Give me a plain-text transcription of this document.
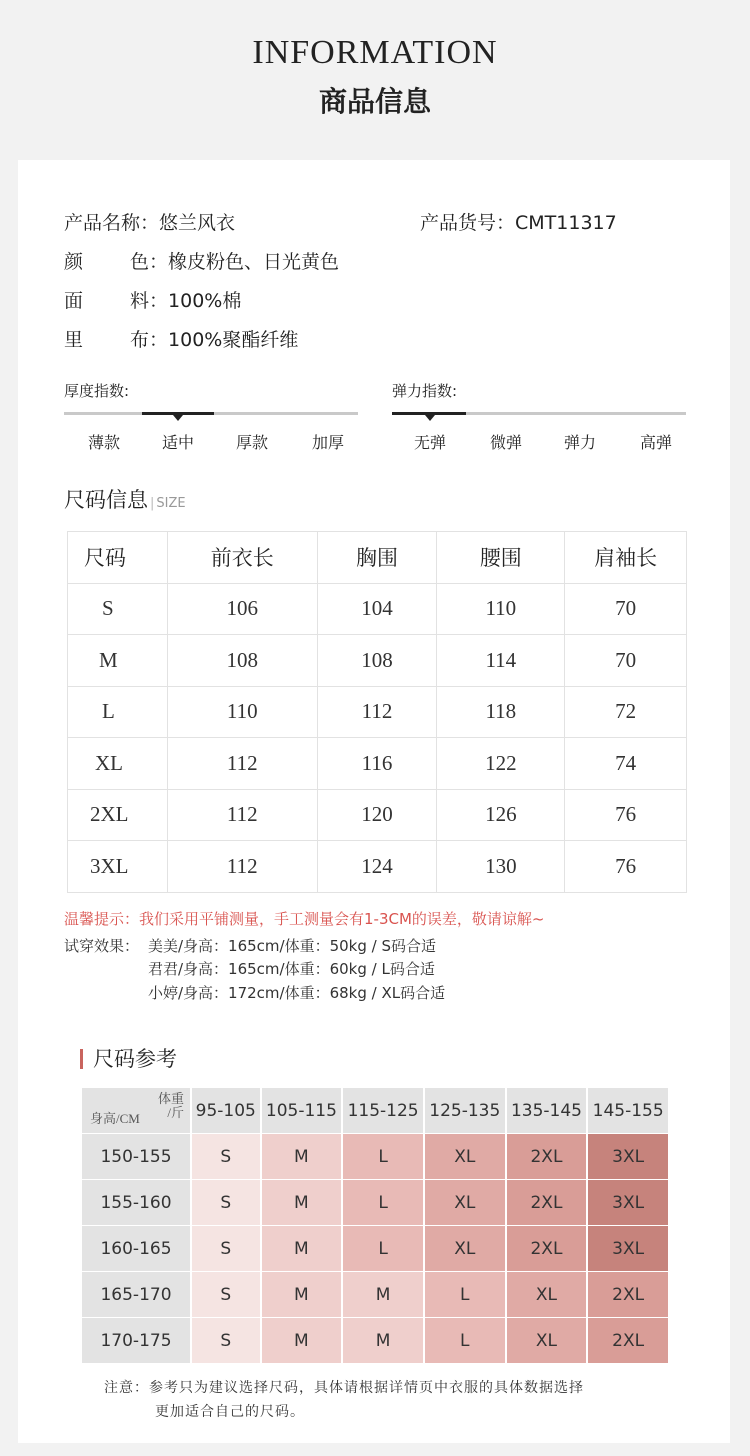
INFORMATION
商品信息
产品名称：悠兰风衣	产品货号：CMT11317
颜 色：橡皮粉色、日光黄色
面 料：100%棉
里 布：100%聚酯纤维
厚度指数:
薄款	适中	厚款	加厚
弹力指数:
无弹	微弹	弹力	高弹
尺码信息 | SIZE
尺码	前衣长	胸围	腰围	肩袖长
S	106	104	110	70
M	108	108	114	70
L	110	112	118	72
XL	112	116	122	74
2XL	112	120	126	76
3XL	112	124	130	76
温馨提示：我们采用平铺测量，手工测量会有1-3CM的误差，敬请谅解~
试穿效果： 美美/身高：165cm/体重：50kg / S码合适
君君/身高：165cm/体重：60kg / L码合适
小婷/身高：172cm/体重：68kg / XL码合适
尺码参考
体重
/斤
身高/CM	95-105	105-115	115-125	125-135	135-145	145-155
150-155	S	M	L	XL	2XL	3XL
155-160	S	M	L	XL	2XL	3XL
160-165	S	M	L	XL	2XL	3XL
165-170	S	M	M	L	XL	2XL
170-175	S	M	M	L	XL	2XL
注意：参考只为建议选择尺码，具体请根据详情页中衣服的具体数据选择
更加适合自己的尺码。
